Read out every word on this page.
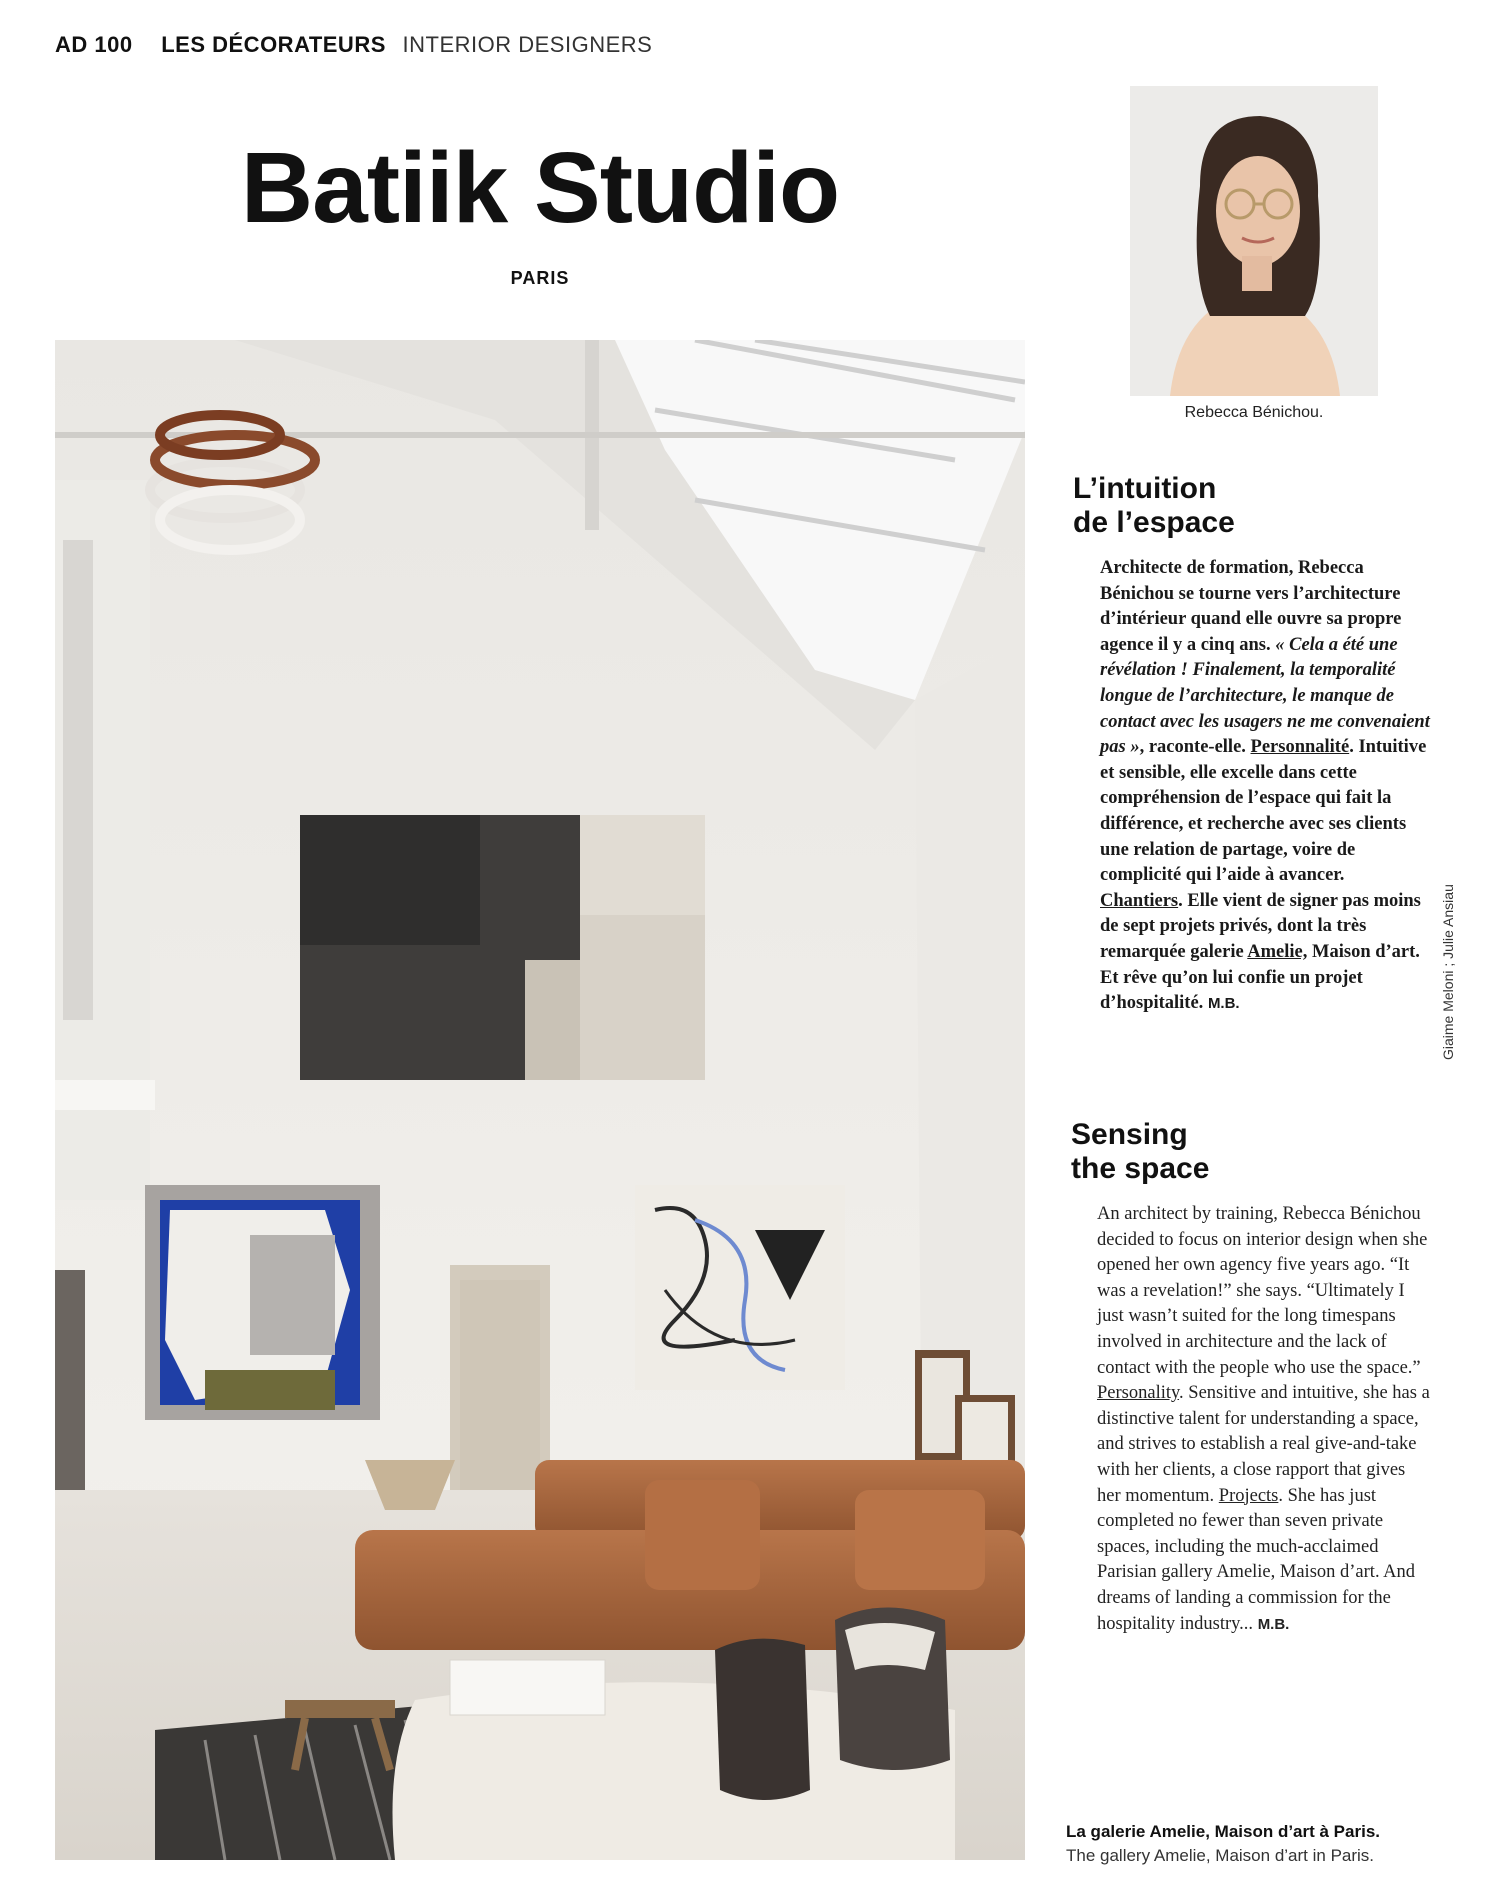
AD 100 LES DÉCORATEURS INTERIOR DESIGNERS
Batiik Studio
PARIS
Rebecca Bénichou.
L’intuition
de l’espace
Architecte de formation, Rebecca Bénichou se tourne vers l’architecture d’intérieur quand elle ouvre sa propre agence il y a cinq ans. « Cela a été une révélation ! Finalement, la temporalité longue de l’architecture, le manque de contact avec les usagers ne me convenaient pas », raconte-elle. Personnalité. Intuitive et sensible, elle excelle dans cette compréhension de l’espace qui fait la différence, et recherche avec ses clients une relation de partage, voire de complicité qui l’aide à avancer. Chantiers. Elle vient de signer pas moins de sept projets privés, dont la très remarquée galerie Amelie, Maison d’art. Et rêve qu’on lui confie un projet d’hospitalité. M.B.	Giaime Meloni ; Julie Ansiau
Sensing
the space
An architect by training, Rebecca Bénichou decided to focus on interior design when she opened her own agency five years ago. “It was a revelation!” she says. “Ultimately I just wasn’t suited for the long timespans involved in architecture and the lack of contact with the people who use the space.” Personality. Sensitive and intuitive, she has a distinctive talent for understanding a space, and strives to establish a real give-and-take with her clients, a close rapport that gives her momentum. Projects. She has just completed no fewer than seven private spaces, including the much-acclaimed Parisian gallery Amelie, Maison d’art. And dreams of landing a commission for the hospitality industry... M.B.
La galerie Amelie, Maison d’art à Paris.
The gallery Amelie, Maison d’art in Paris.
